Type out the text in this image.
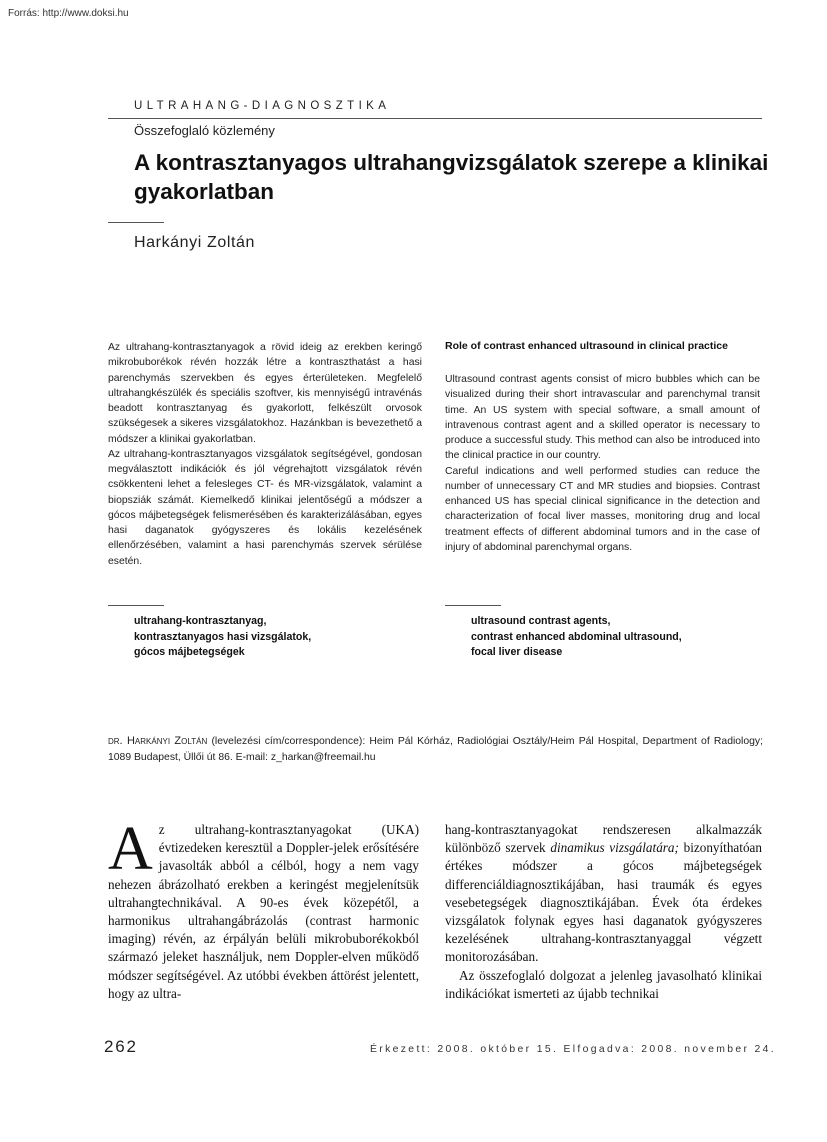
Forrás: http://www.doksi.hu
ULTRAHANG-DIAGNOSZTIKA
Összefoglaló közlemény
A kontrasztanyagos ultrahangvizsgálatok szerepe a klinikai gyakorlatban
Harkányi Zoltán

Az ultrahang-kontrasztanyagok a rövid ideig az erekben keringő mikrobuborékok révén hozzák létre a kontraszthatást a hasi parenchymás szervekben és egyes érterületeken. Megfelelő ultrahangkészülék és speciális szoftver, kis mennyiségű intravénás beadott kontrasztanyag és gyakorlott, felkészült orvosok szükségesek a sikeres vizsgálatokhoz. Hazánkban is bevezethető a módszer a klinikai gyakorlatban.

Az ultrahang-kontrasztanyagos vizsgálatok segítségével, gondosan megválasztott indikációk és jól végrehajtott vizsgálatok révén csökkenteni lehet a felesleges CT- és MR-vizsgálatok, valamint a biopsziák számát. Kiemelkedő klinikai jelentőségű a módszer a gócos májbetegségek felismerésében és karakterizálásában, egyes hasi daganatok gyógyszeres és lokális kezelésének ellenőrzésében, valamint a hasi parenchymás szervek sérülése esetén.

Role of contrast enhanced ultrasound in clinical practice

Ultrasound contrast agents consist of micro bubbles which can be visualized during their short intravascular and parenchymal transit time. An US system with special software, a small amount of intravenous contrast agent and a skilled operator is necessary to produce a successful study. This method can also be introduced into the clinical practice in our country.

Careful indications and well performed studies can reduce the number of unnecessary CT and MR studies and biopsies. Contrast enhanced US has special clinical significance in the detection and characterization of focal liver masses, monitoring drug and local treatment effects of different abdominal tumors and in the case of injury of abdominal parenchymal organs.

ultrahang-kontrasztanyag,
kontrasztanyagos hasi vizsgálatok,
gócos májbetegségek
ultrasound contrast agents,
contrast enhanced abdominal ultrasound,
focal liver disease
dr. Harkányi Zoltán (levelezési cím/correspondence): Heim Pál Kórház, Radiológiai Osztály/Heim Pál Hospital, Department of Radiology; 1089 Budapest, Üllői út 86. E-mail: z_harkan@freemail.hu

Az ultrahang-kontrasztanyagokat (UKA) évtizedeken keresztül a Doppler-jelek erősítésére javasolták abból a célból, hogy a nem vagy nehezen ábrázolható erekben a keringést megjelenítsük ultrahangtechnikával. A 90-es évek közepétől, a harmonikus ultrahangábrázolás (contrast harmonic imaging) révén, az érpályán belüli mikrobuborékokból származó jeleket használjuk, nem Doppler-elven működő módszer segítségével. Az utóbbi években áttörést jelentett, hogy az ultra-

hang-kontrasztanyagokat rendszeresen alkalmazzák különböző szervek dinamikus vizsgálatára; bizonyíthatóan értékes módszer a gócos májbetegségek differenciáldiagnosztikájában, hasi traumák és egyes vesebetegségek diagnosztikájában. Évek óta érdekes vizsgálatok folynak egyes hasi daganatok gyógyszeres kezelésének ultrahang-kontrasztanyaggal végzett monitorozásában.

Az összefoglaló dolgozat a jelenleg javasolható klinikai indikációkat ismerteti az újabb technikai

262	Érkezett: 2008. október 15. Elfogadva: 2008. november 24.
